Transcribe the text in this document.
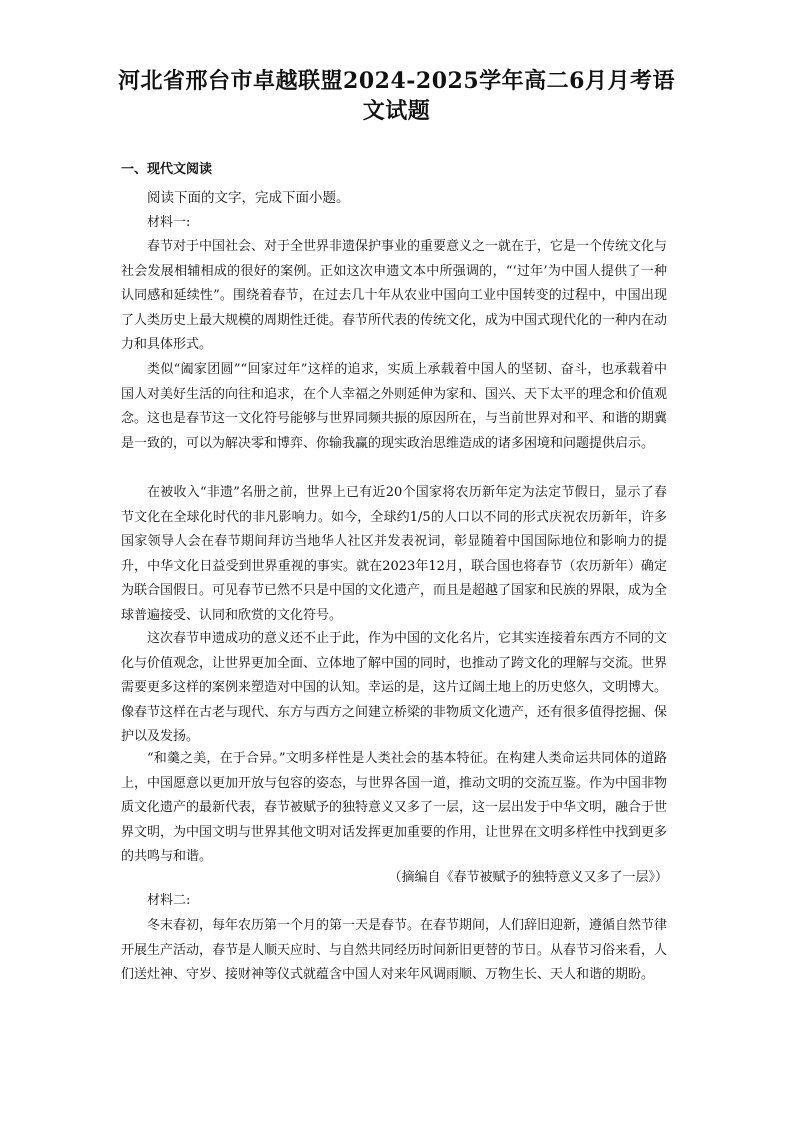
河北省邢台市卓越联盟2024-2025学年高二6月月考语文试题
一、现代文阅读
阅读下面的文字，完成下面小题。
材料一:

春节对于中国社会、对于全世界非遗保护事业的重要意义之一就在于，它是一个传统文化与社会发展相辅相成的很好的案例。正如这次申遗文本中所强调的，“‘过年’为中国人提供了一种认同感和延续性”。围绕着春节，在过去几十年从农业中国向工业中国转变的过程中，中国出现了人类历史上最大规模的周期性迁徙。春节所代表的传统文化，成为中国式现代化的一种内在动力和具体形式。

类似“阖家团圆”“回家过年”这样的追求，实质上承载着中国人的坚韧、奋斗，也承载着中国人对美好生活的向往和追求，在个人幸福之外则延伸为家和、国兴、天下太平的理念和价值观念。这也是春节这一文化符号能够与世界同频共振的原因所在，与当前世界对和平、和谐的期冀是一致的，可以为解决零和博弈、你输我赢的现实政治思维造成的诸多困境和问题提供启示。

在被收入“非遗”名册之前，世界上已有近20个国家将农历新年定为法定节假日，显示了春节文化在全球化时代的非凡影响力。如今，全球约1/5的人口以不同的形式庆祝农历新年，许多国家领导人会在春节期间拜访当地华人社区并发表祝词，彰显随着中国国际地位和影响力的提升，中华文化日益受到世界重视的事实。就在2023年12月，联合国也将春节（农历新年）确定为联合国假日。可见春节已然不只是中国的文化遗产，而且是超越了国家和民族的界限，成为全球普遍接受、认同和欣赏的文化符号。

这次春节申遗成功的意义还不止于此，作为中国的文化名片，它其实连接着东西方不同的文化与价值观念，让世界更加全面、立体地了解中国的同时，也推动了跨文化的理解与交流。世界需要更多这样的案例来塑造对中国的认知。幸运的是，这片辽阔土地上的历史悠久，文明博大。像春节这样在古老与现代、东方与西方之间建立桥梁的非物质文化遗产，还有很多值得挖掘、保护以及发扬。

“和羹之美，在于合异。”文明多样性是人类社会的基本特征。在构建人类命运共同体的道路上，中国愿意以更加开放与包容的姿态，与世界各国一道，推动文明的交流互鉴。作为中国非物质文化遗产的最新代表，春节被赋予的独特意义又多了一层，这一层出发于中华文明，融合于世界文明，为中国文明与世界其他文明对话发挥更加重要的作用，让世界在文明多样性中找到更多的共鸣与和谐。

（摘编自《春节被赋予的独特意义又多了一层》）
材料二:

冬末春初，每年农历第一个月的第一天是春节。在春节期间，人们辞旧迎新，遵循自然节律开展生产活动，春节是人顺天应时、与自然共同经历时间新旧更替的节日。从春节习俗来看，人们送灶神、守岁、接财神等仪式就蕴含中国人对来年风调雨顺、万物生长、天人和谐的期盼。
